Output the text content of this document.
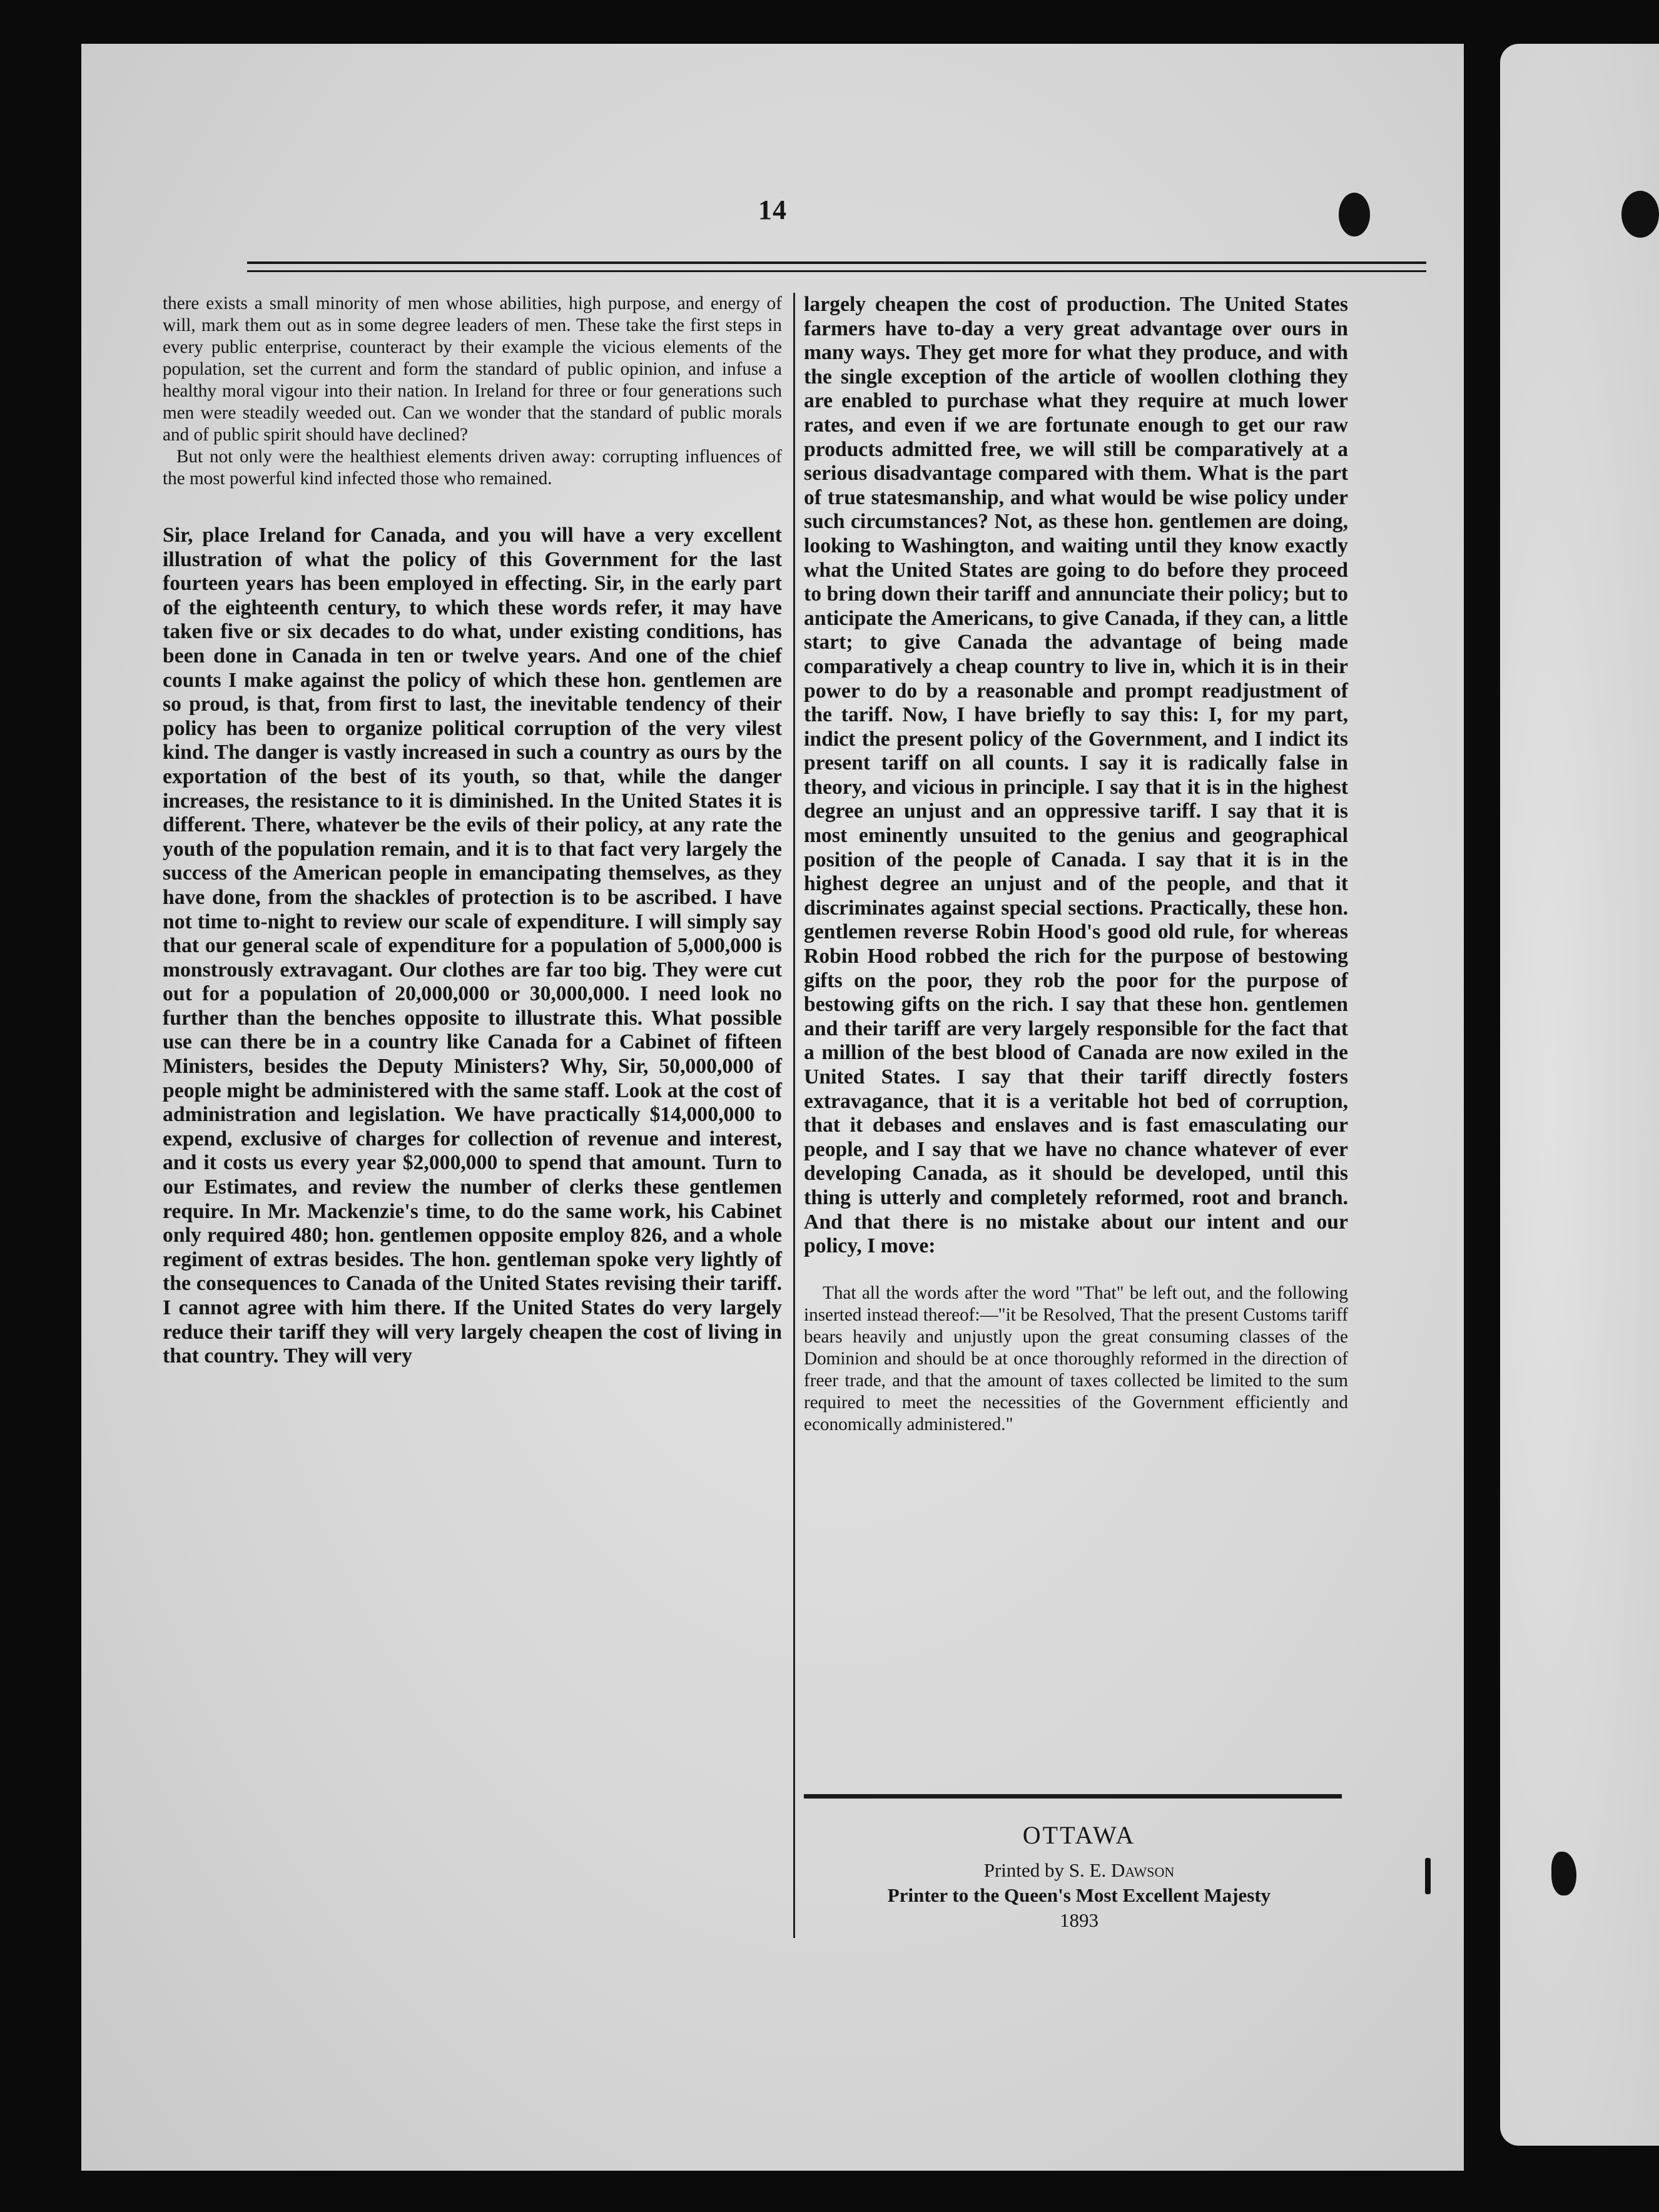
14

there exists a small minority of men whose abilities, high purpose, and energy of will, mark them out as in some degree leaders of men. These take the first steps in every public enterprise, counteract by their example the vicious elements of the population, set the current and form the standard of public opinion, and infuse a healthy moral vigour into their nation. In Ireland for three or four generations such men were steadily weeded out. Can we wonder that the standard of public morals and of public spirit should have declined?

But not only were the healthiest elements driven away: corrupting influences of the most powerful kind infected those who remained.

Sir, place Ireland for Canada, and you will have a very excellent illustration of what the policy of this Government for the last fourteen years has been employed in effecting. Sir, in the early part of the eighteenth century, to which these words refer, it may have taken five or six decades to do what, under existing conditions, has been done in Canada in ten or twelve years. And one of the chief counts I make against the policy of which these hon. gentlemen are so proud, is that, from first to last, the inevitable tendency of their policy has been to organize political corruption of the very vilest kind. The danger is vastly increased in such a country as ours by the exportation of the best of its youth, so that, while the danger increases, the resistance to it is diminished. In the United States it is different. There, whatever be the evils of their policy, at any rate the youth of the population remain, and it is to that fact very largely the success of the American people in emancipating themselves, as they have done, from the shackles of protection is to be ascribed. I have not time to-night to review our scale of expenditure. I will simply say that our general scale of expenditure for a population of 5,000,000 is monstrously extravagant. Our clothes are far too big. They were cut out for a population of 20,000,000 or 30,000,000. I need look no further than the benches opposite to illustrate this. What possible use can there be in a country like Canada for a Cabinet of fifteen Ministers, besides the Deputy Ministers? Why, Sir, 50,000,000 of people might be administered with the same staff. Look at the cost of administration and legislation. We have practically $14,000,000 to expend, exclusive of charges for collection of revenue and interest, and it costs us every year $2,000,000 to spend that amount. Turn to our Estimates, and review the number of clerks these gentlemen require. In Mr. Mackenzie's time, to do the same work, his Cabinet only required 480; hon. gentlemen opposite employ 826, and a whole regiment of extras besides. The hon. gentleman spoke very lightly of the consequences to Canada of the United States revising their tariff. I cannot agree with him there. If the United States do very largely reduce their tariff they will very largely cheapen the cost of living in that country. They will very

largely cheapen the cost of production. The United States farmers have to-day a very great advantage over ours in many ways. They get more for what they produce, and with the single exception of the article of woollen clothing they are enabled to purchase what they require at much lower rates, and even if we are fortunate enough to get our raw products admitted free, we will still be comparatively at a serious disadvantage compared with them. What is the part of true statesmanship, and what would be wise policy under such circumstances? Not, as these hon. gentlemen are doing, looking to Washington, and waiting until they know exactly what the United States are going to do before they proceed to bring down their tariff and annunciate their policy; but to anticipate the Americans, to give Canada, if they can, a little start; to give Canada the advantage of being made comparatively a cheap country to live in, which it is in their power to do by a reasonable and prompt readjustment of the tariff. Now, I have briefly to say this: I, for my part, indict the present policy of the Government, and I indict its present tariff on all counts. I say it is radically false in theory, and vicious in principle. I say that it is in the highest degree an unjust and an oppressive tariff. I say that it is most eminently unsuited to the genius and geographical position of the people of Canada. I say that it is in the highest degree an unjust and of the people, and that it discriminates against special sections. Practically, these hon. gentlemen reverse Robin Hood's good old rule, for whereas Robin Hood robbed the rich for the purpose of bestowing gifts on the poor, they rob the poor for the purpose of bestowing gifts on the rich. I say that these hon. gentlemen and their tariff are very largely responsible for the fact that a million of the best blood of Canada are now exiled in the United States. I say that their tariff directly fosters extravagance, that it is a veritable hot bed of corruption, that it debases and enslaves and is fast emasculating our people, and I say that we have no chance whatever of ever developing Canada, as it should be developed, until this thing is utterly and completely reformed, root and branch. And that there is no mistake about our intent and our policy, I move:

That all the words after the word "That" be left out, and the following inserted instead thereof:—"it be Resolved, That the present Customs tariff bears heavily and unjustly upon the great consuming classes of the Dominion and should be at once thoroughly reformed in the direction of freer trade, and that the amount of taxes collected be limited to the sum required to meet the necessities of the Government efficiently and economically administered."

OTTAWA
Printed by S. E. Dawson
Printer to the Queen's Most Excellent Majesty
1893
